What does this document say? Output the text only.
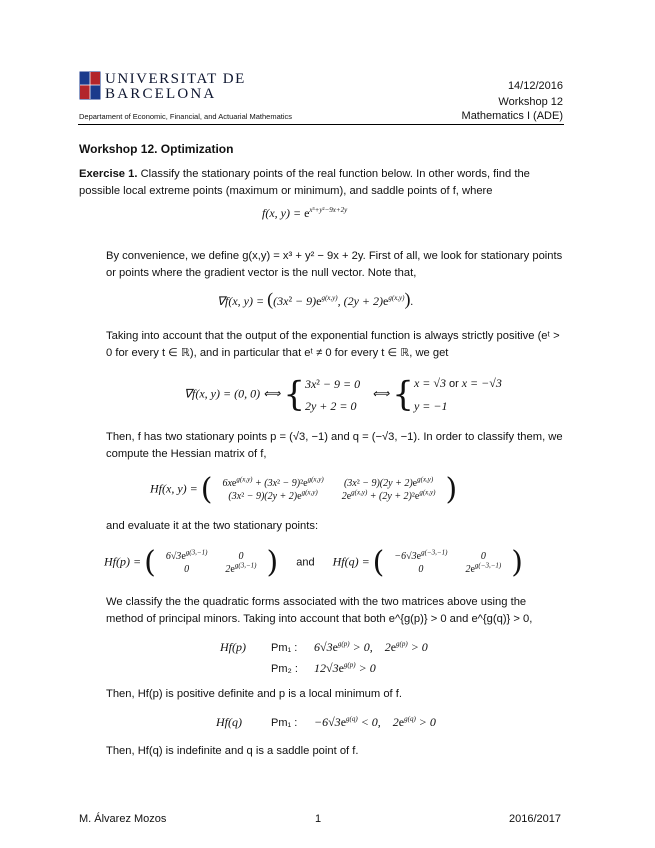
UNIVERSITAT DE
BARCELONA
Departament of Economic, Financial, and Actuarial Mathematics
14/12/2016
Workshop 12
Mathematics I (ADE)
Workshop 12. Optimization
Exercise 1. Classify the stationary points of the real function below. In other words, find the possible local extreme points (maximum or minimum), and saddle points of f, where
f(x, $y) = e^{x^3+y^2-9x+2y}$
By convenience, we define g(x,y) = x³ + y² − 9x + 2y. First of all, we look for stationary points or points where the gradient vector is the null vector. Note that,
∇f(x, $y) = ((3x^2 - 9)e^{g(x,y)}$, $(2y + 2)e^{g(x,y)}$).
Taking into account that the output of the exponential function is always strictly positive (eᵗ > 0 for every t ∈ ℝ), and in particular that eᵗ ≠ 0 for every t ∈ ℝ, we get
∇f(x, y) = (0, 0) ⟺ {3x² − 9 = 0
2y + 2 = 0    ⟺ {x = √3 or x = −√3
y = −1
Then, f has two stationary points p = (√3, −1) and q = (−√3, −1). In order to classify them, we compute the Hessian matrix of f,
Hf(x, y) = ( $6xe^{g(x,y)} + (3x^2 - 9)^2e^{g(x,y)}$	$(3x^2 - 9)(2y + 2)e^{g(x,y)}$
$(3x^2 - 9)(2y + 2)e^{g(x,y)}$	$2e^{g(x,y)} + (2y + 2)^2e^{g(x,y)}$ )
and evaluate it at the two stationary points:
Hf(p) = ( $6√3e^{g(3,-1)}$	0
0	$2e^{g(3,-1)}$ ) and      Hf(q) = ( $-6√3e^{g(-3,-1)}$	0
0	$2e^{g(-3,-1)}$ )
We classify the the quadratic forms associated with the two matrices above using the method of principal minors. Taking into account that both e^{g(p)} > 0 and e^{g(q)} > 0,
Hf(p) Pm₁ : $6√3e^{g(p)} > 0$,    $2e^{g(p)} > 0$
Pm₂ : $12√3e^{g(p)} > 0$
Then, Hf(p) is positive definite and p is a local minimum of f.
Hf(q)	Pm₁ : $-6√3e^{g(q)} < 0$,    $2e^{g(q)} > 0$
Then, Hf(q) is indefinite and q is a saddle point of f.
M. Álvarez Mozos	1	2016/2017
